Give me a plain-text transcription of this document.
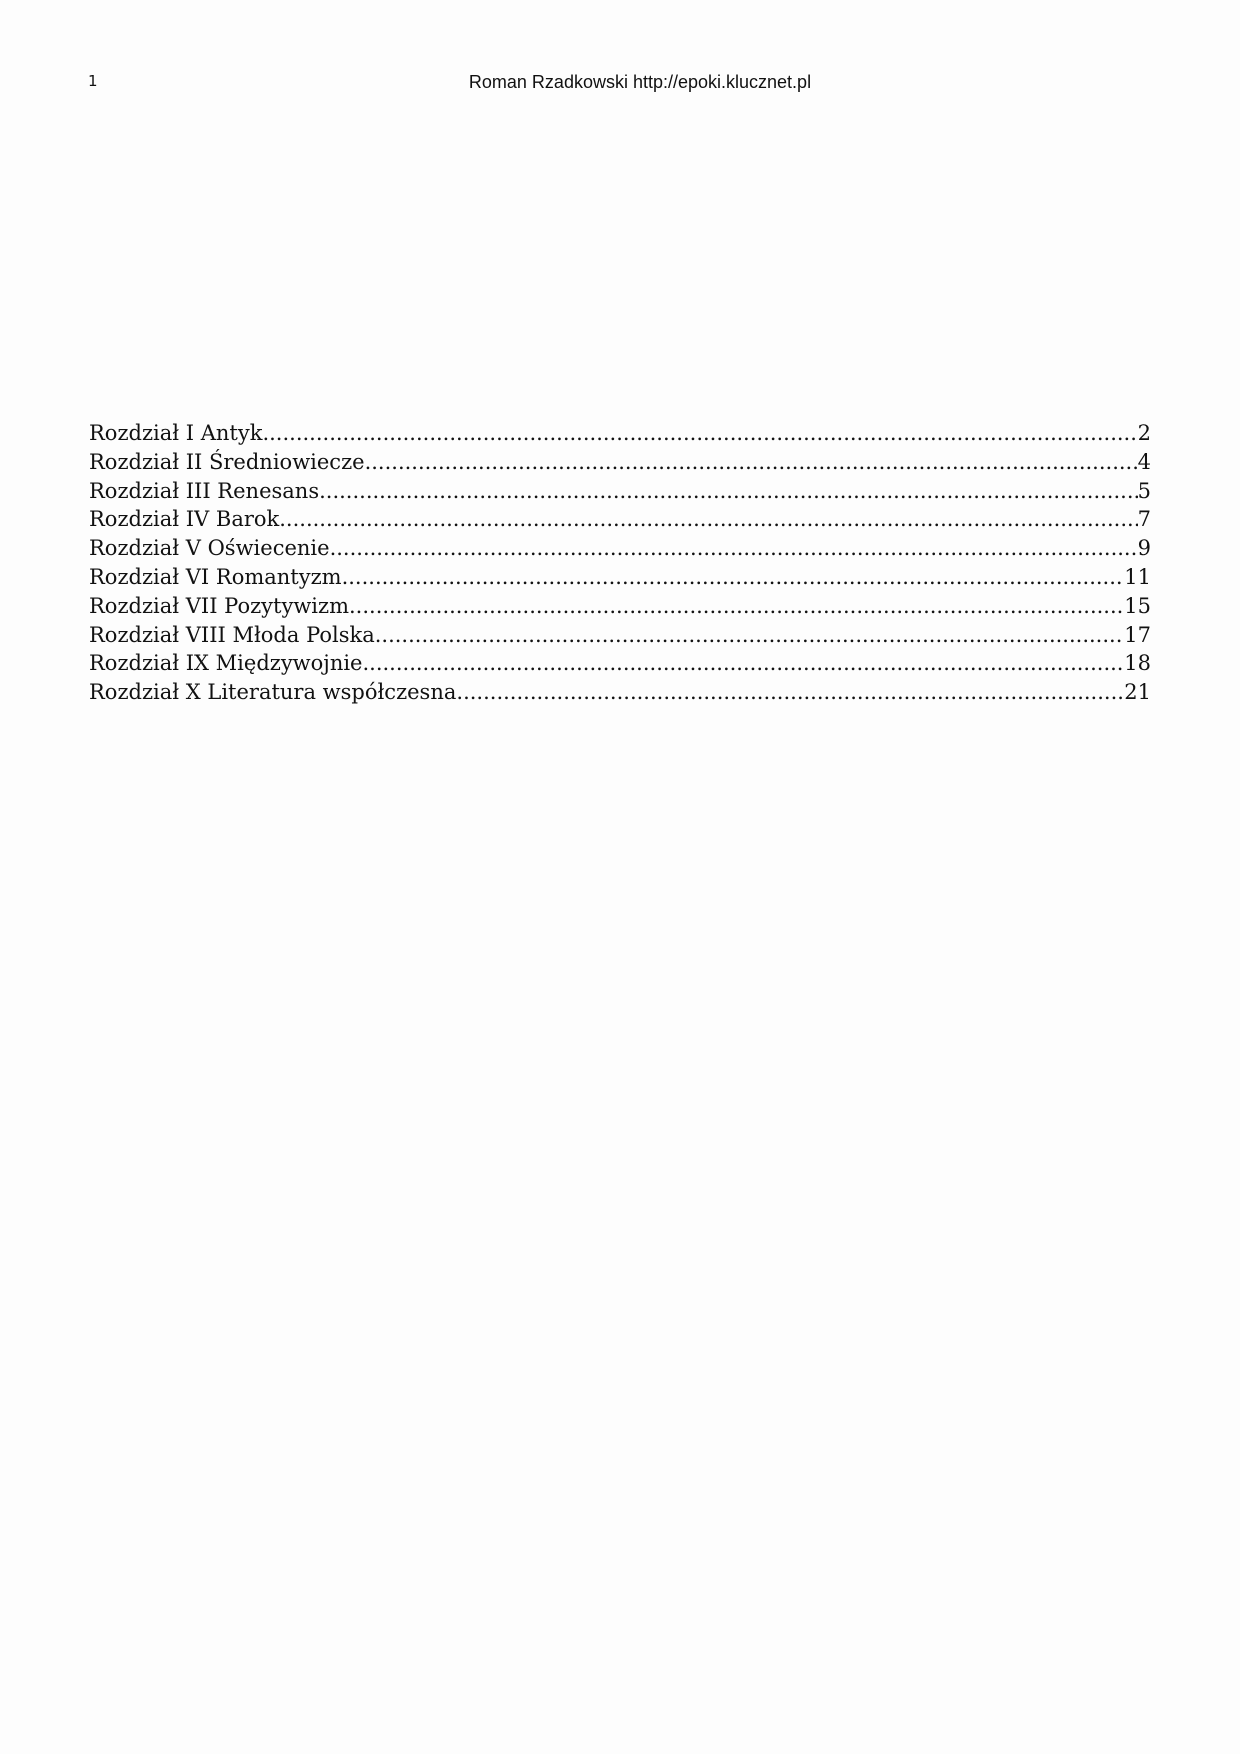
1	Roman Rzadkowski http://epoki.klucznet.pl
Rozdział I Antyk .....	2
Rozdział II Średniowiecze .....	4
Rozdział III Renesans .....	5
Rozdział IV Barok .....	7
Rozdział V Oświecenie .....	9
Rozdział VI Romantyzm .....	11
Rozdział VII Pozytywizm .....	15
Rozdział VIII Młoda Polska .....	17
Rozdział IX Międzywojnie .....	18
Rozdział X Literatura współczesna .....	21
